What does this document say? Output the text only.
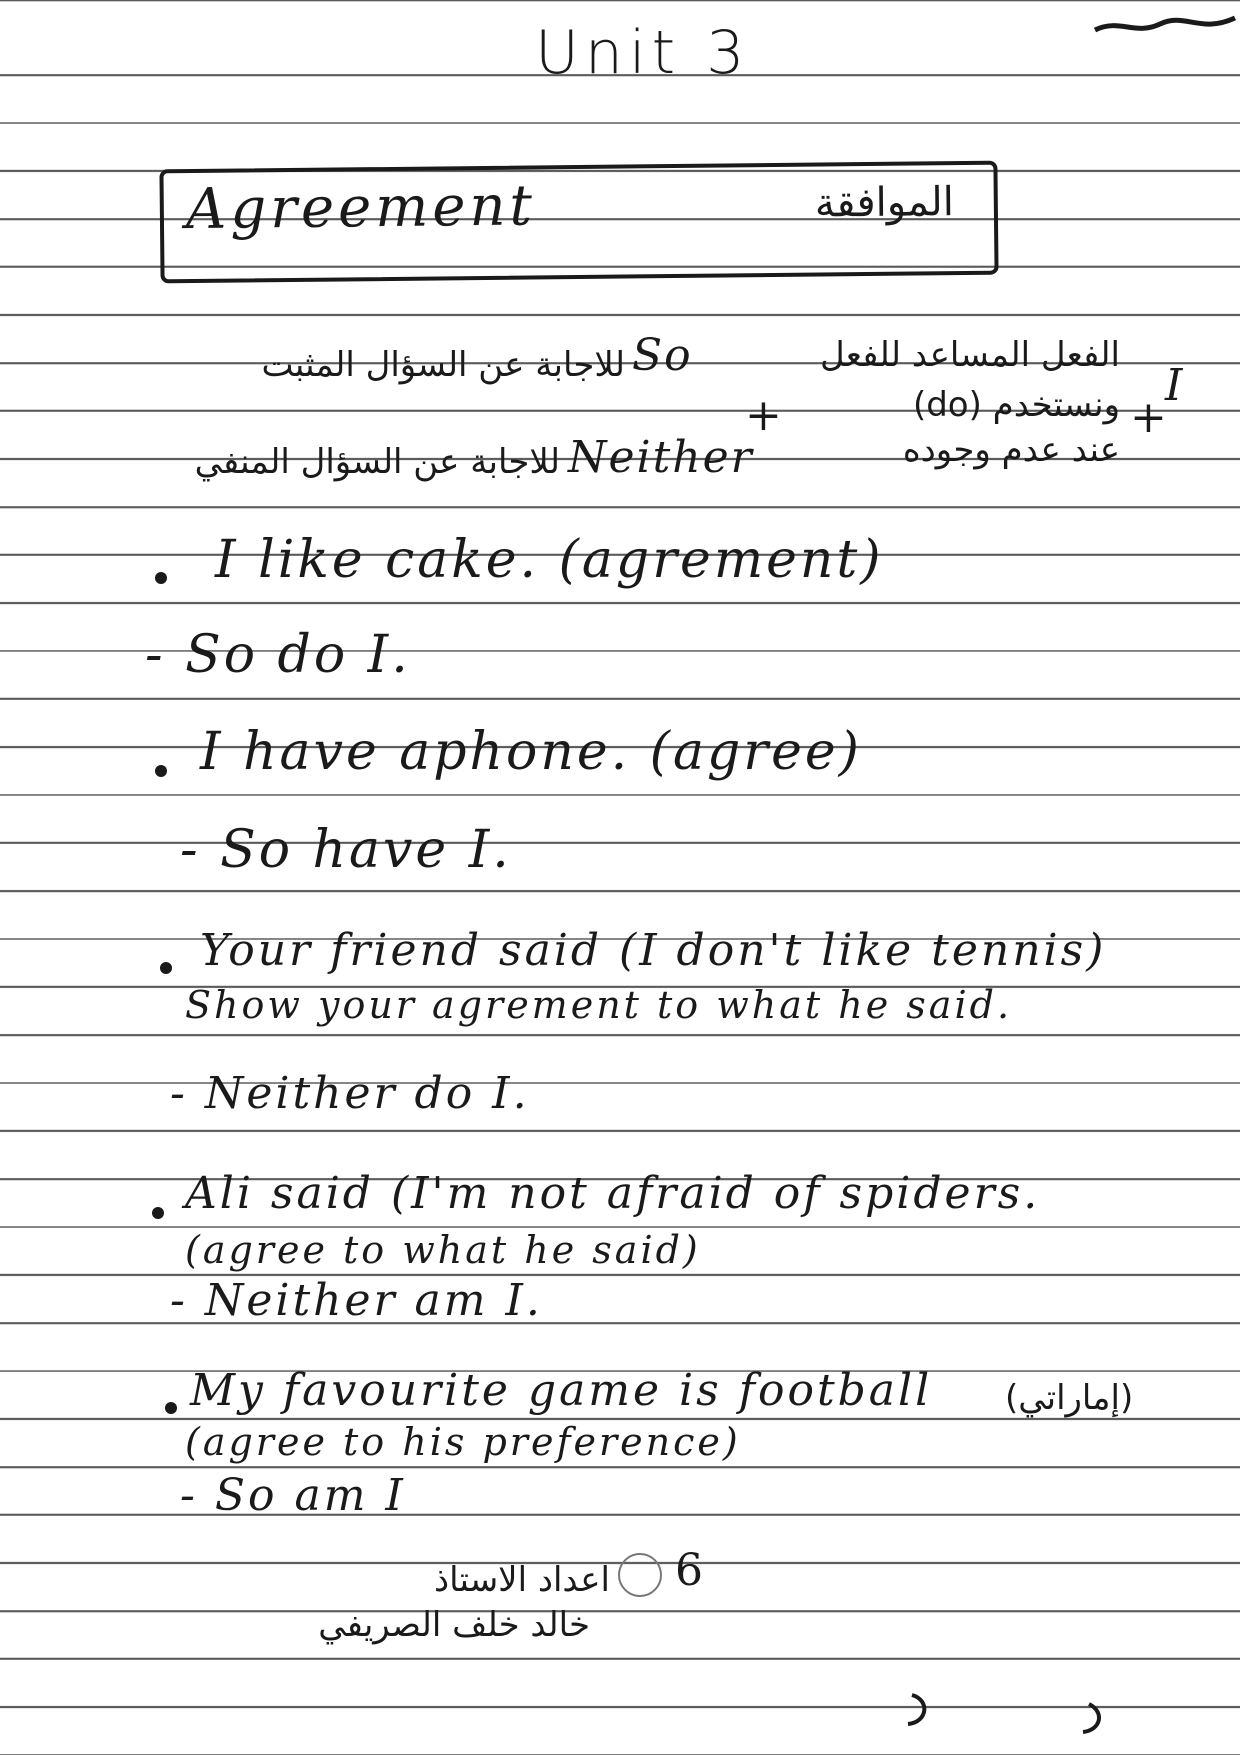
Unit 3
Agreement	الموافقة
للاجابة عن السؤال المثبت So	الفعل المساعد للفعل
I
+
ونستخدم (do)
عند عدم وجوده
+
Neither
للاجابة عن السؤال المنفي
I like cake. (agrement)
- So do I.
I have aphone. (agree)
- So have I.
Your friend said (I don't like tennis)
Show your agrement to what he said.
- Neither do I.
Ali said (I'm not afraid of spiders.
(agree to what he said)
- Neither am I.
My favourite game is football (إماراتي)
(agree to his preference)
- So am I
6
اعداد الاستاذ
خالد خلف الصريفي
